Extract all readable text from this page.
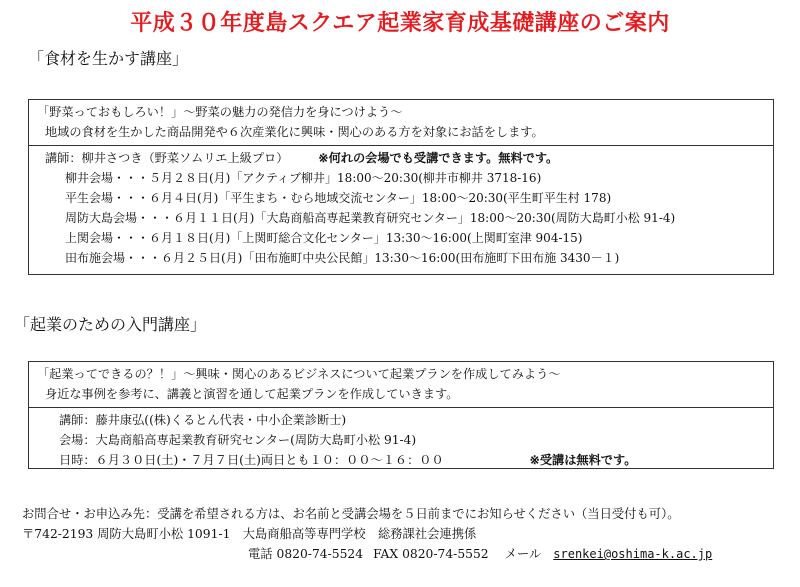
平成３０年度島スクエア起業家育成基礎講座のご案内
「食材を生かす講座」
「野菜っておもしろい！」～野菜の魅力の発信力を身につけよう～
地域の食材を生かした商品開発や６次産業化に興味・関心のある方を対象にお話をします。
講師：柳井さつき（野菜ソムリエ上級プロ） ※何れの会場でも受講できます。無料です。
柳井会場・・・５月２８日(月)「アクティブ柳井」18:00～20:30(柳井市柳井 3718-16)
平生会場・・・６月４日(月)「平生まち・むら地域交流センター」18:00～20:30(平生町平生村 178)
周防大島会場・・・６月１１日(月)「大島商船高専起業教育研究センター」18:00～20:30(周防大島町小松 91-4)
上関会場・・・６月１８日(月)「上関町総合文化センター」13:30～16:00(上関町室津 904-15)
田布施会場・・・６月２５日(月)「田布施町中央公民館」13:30～16:00(田布施町下田布施 3430－１)
「起業のための入門講座」
「起業ってできるの？！」～興味・関心のあるビジネスについて起業プランを作成してみよう～
身近な事例を参考に、講義と演習を通して起業プランを作成していきます。
講師：藤井康弘((株)くるとん代表・中小企業診断士)
会場：大島商船高専起業教育研究センター(周防大島町小松 91-4)
日時：６月３０日(土)・７月７日(土)両日とも１０：００～１６：００	※受講は無料です。
お問合せ・お申込み先：受講を希望される方は、お名前と受講会場を５日前までにお知らせください（当日受付も可）。
〒742-2193 周防大島町小松 1091-1　大島商船高等専門学校　総務課社会連携係
電話 0820-74-5524 FAX 0820-74-5552 メール srenkei@oshima-k.ac.jp
